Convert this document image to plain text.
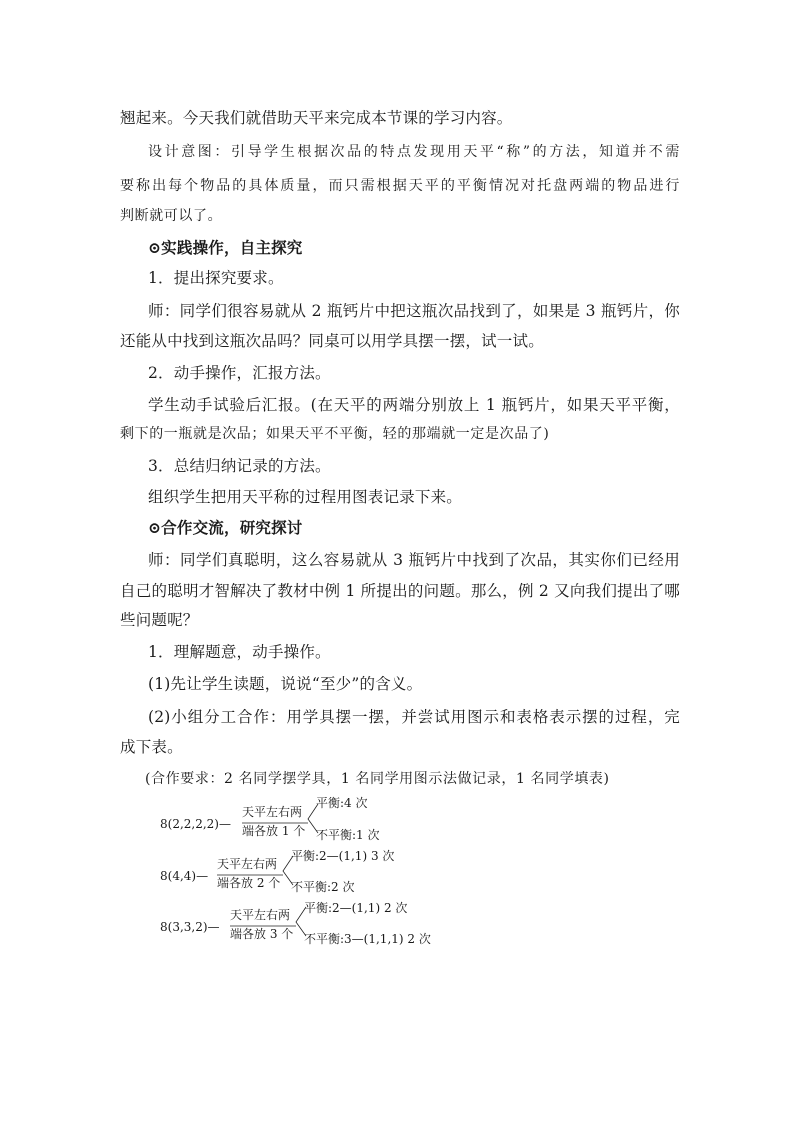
翘起来。今天我们就借助天平来完成本节课的学习内容。
设计意图：引导学生根据次品的特点发现用天平“称”的方法，知道并不需
要称出每个物品的具体质量，而只需根据天平的平衡情况对托盘两端的物品进行
判断就可以了。
⊙实践操作，自主探究
1．提出探究要求。
师：同学们很容易就从 2 瓶钙片中把这瓶次品找到了，如果是 3 瓶钙片，你
还能从中找到这瓶次品吗？同桌可以用学具摆一摆，试一试。
2．动手操作，汇报方法。
学生动手试验后汇报。(在天平的两端分别放上 1 瓶钙片，如果天平平衡，
剩下的一瓶就是次品；如果天平不平衡，轻的那端就一定是次品了)
3．总结归纳记录的方法。
组织学生把用天平称的过程用图表记录下来。
⊙合作交流，研究探讨
师：同学们真聪明，这么容易就从 3 瓶钙片中找到了次品，其实你们已经用
自己的聪明才智解决了教材中例 1 所提出的问题。那么，例 2 又向我们提出了哪
些问题呢？
1．理解题意，动手操作。
(1)先让学生读题，说说“至少”的含义。
(2)小组分工合作：用学具摆一摆，并尝试用图示和表格表示摆的过程，完
成下表。
(合作要求：2 名同学摆学具，1 名同学用图示法做记录，1 名同学填表)
8(2,2,2,2)—
天平左右两
端各放 1 个
平衡:4 次
不平衡:1 次
8(4,4)—
天平左右两
端各放 2 个
平衡:2—(1,1) 3 次
不平衡:2 次
8(3,3,2)—
天平左右两
端各放 3 个
平衡:2—(1,1) 2 次
不平衡:3—(1,1,1) 2 次
